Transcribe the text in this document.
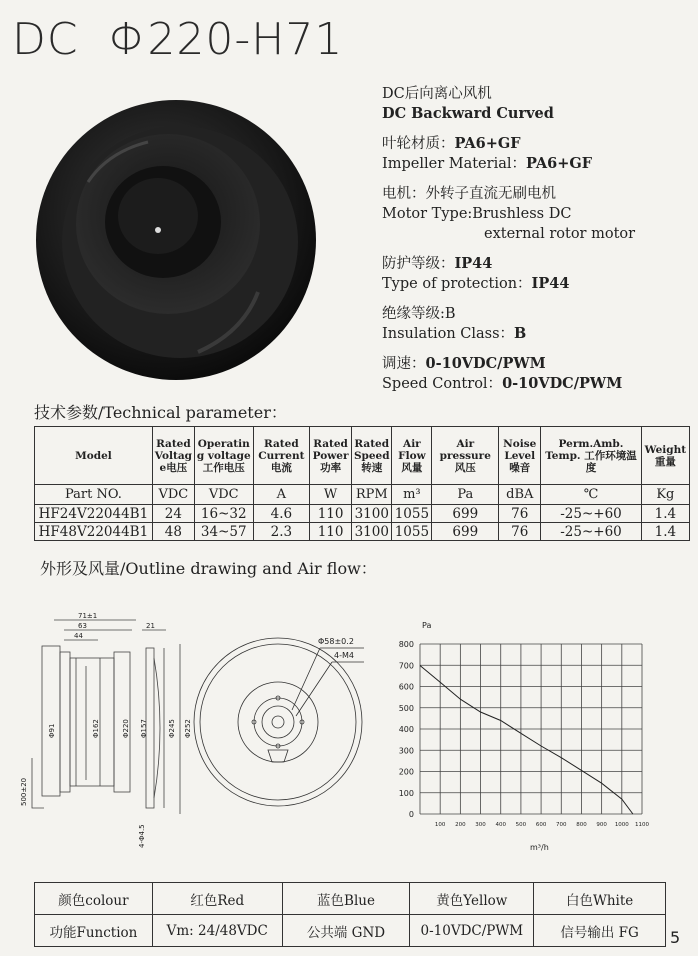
DC  Φ220-H71
DC后向离心风机
DC Backward Curved
叶轮材质：PA6+GF
Impeller Material：PA6+GF
电机：外转子直流无刷电机
Motor Type:Brushless DC
external rotor motor
防护等级：IP44
Type of protection：IP44
绝缘等级:B
Insulation Class：B
调速：0-10VDC/PWM
Speed Control：0-10VDC/PWM
技术参数/Technical parameter：
Model	Rated Voltag e电压	Operatin g voltage 工作电压	Rated Current 电流	Rated Power 功率	Rated Speed 转速	Air Flow 风量	Air pressure 风压	Noise Level 噪音	Perm.Amb. Temp. 工作环境温度	Weight 重量
Part NO.	VDC	VDC	A	W	RPM	m³	Pa	dBA	℃	Kg
HF24V22044B1	24	16~32	4.6	110	3100	1055	699	76	-25~+60	1.4
HF48V22044B1	48	34~57	2.3	110	3100	1055	699	76	-25~+60	1.4
外形及风量/Outline drawing and Air flow：
71±1
63
44
21
Φ91	Φ162	Φ220 Φ157	Φ245 Φ252
500±20
4-Φ4.5
Φ58±0.2
4-M4
0
100
200
300
400
500
600
700
800
100 200 300 400 500 600 700 800 900 1000 1100
Pa
m³/h
颜色colour	红色Red	蓝色Blue	黄色Yellow	白色White
功能Function	Vm: 24/48VDC	公共端 GND	0-10VDC/PWM	信号输出 FG 5
